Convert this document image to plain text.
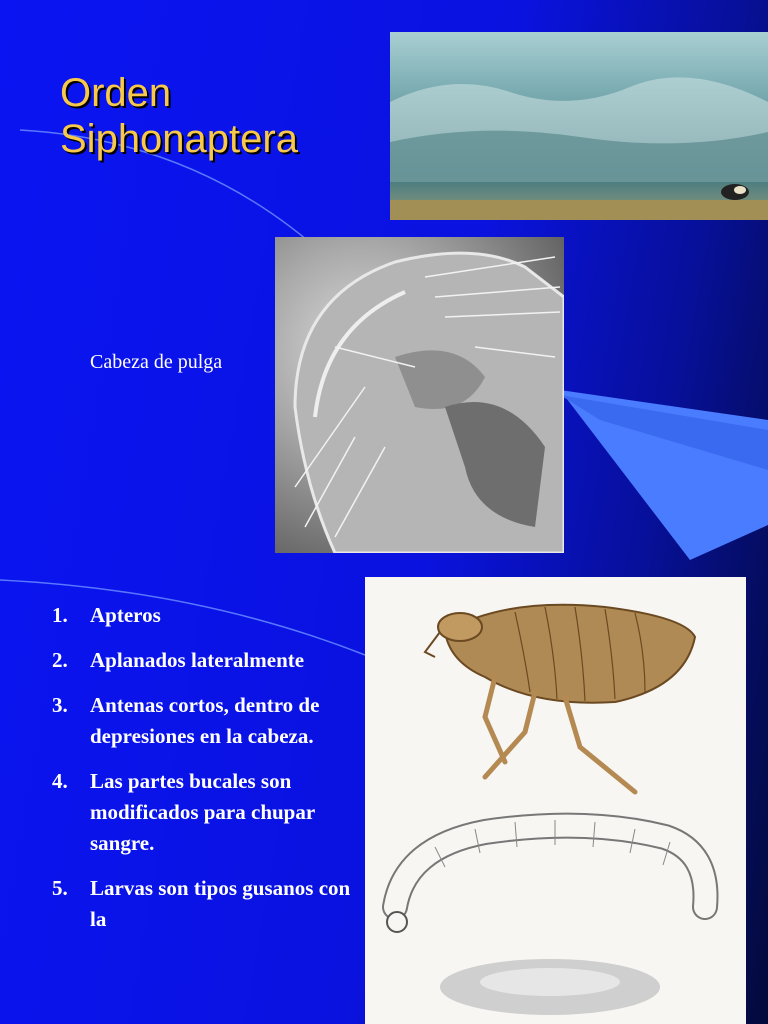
Orden
Siphonaptera

Cabeza de pulga

1. Apteros
2. Aplanados lateralmente
3. Antenas cortos, dentro de depresiones en la cabeza.
4. Las partes bucales son modificados para chupar sangre.
5. Larvas son tipos gusanos con la
